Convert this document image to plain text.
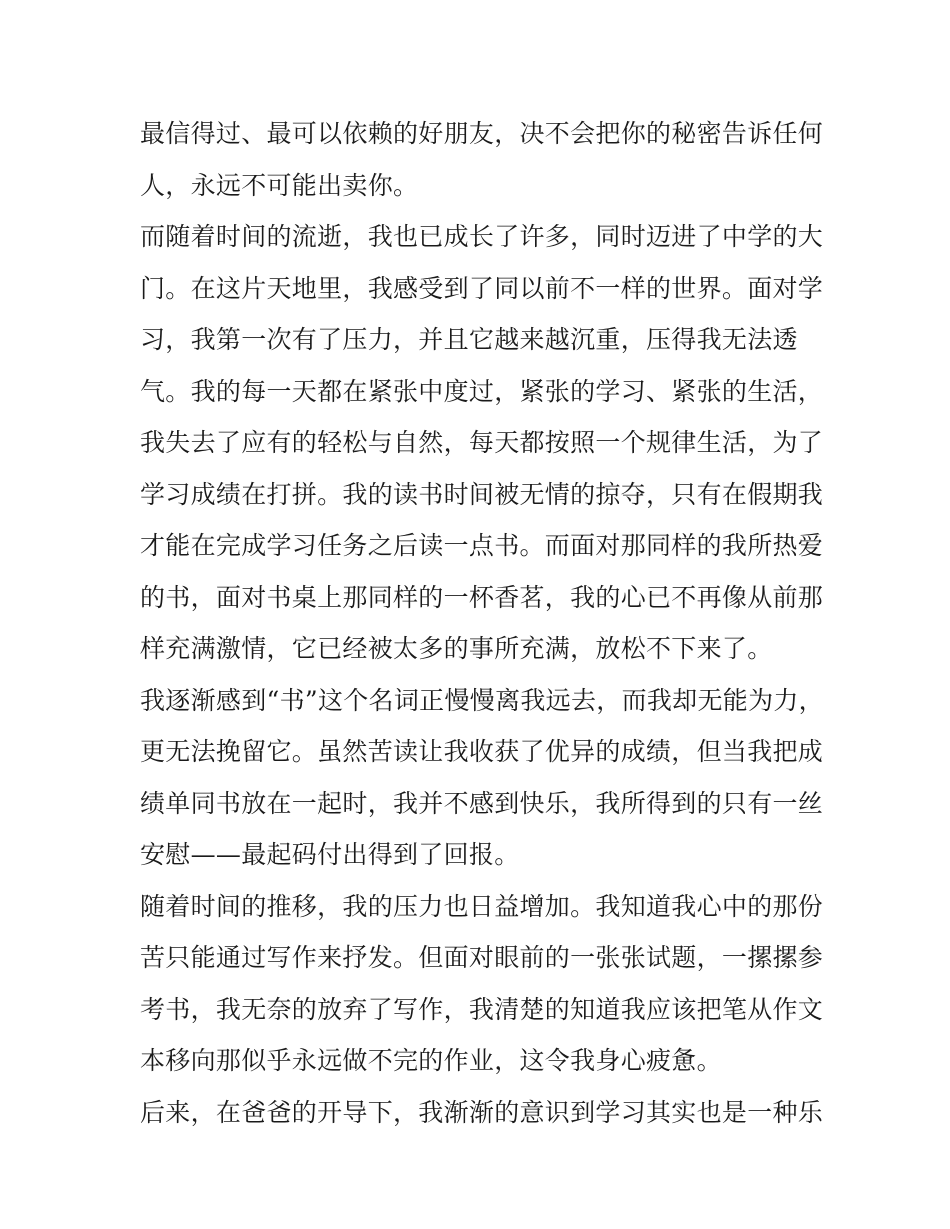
最信得过、最可以依赖的好朋友，决不会把你的秘密告诉任何
人，永远不可能出卖你。
而随着时间的流逝，我也已成长了许多，同时迈进了中学的大
门。在这片天地里，我感受到了同以前不一样的世界。面对学
习，我第一次有了压力，并且它越来越沉重，压得我无法透
气。我的每一天都在紧张中度过，紧张的学习、紧张的生活，
我失去了应有的轻松与自然，每天都按照一个规律生活，为了
学习成绩在打拼。我的读书时间被无情的掠夺，只有在假期我
才能在完成学习任务之后读一点书。而面对那同样的我所热爱
的书，面对书桌上那同样的一杯香茗，我的心已不再像从前那
样充满激情，它已经被太多的事所充满，放松不下来了。
我逐渐感到“书”这个名词正慢慢离我远去，而我却无能为力，
更无法挽留它。虽然苦读让我收获了优异的成绩，但当我把成
绩单同书放在一起时，我并不感到快乐，我所得到的只有一丝
安慰——最起码付出得到了回报。
随着时间的推移，我的压力也日益增加。我知道我心中的那份
苦只能通过写作来抒发。但面对眼前的一张张试题，一摞摞参
考书，我无奈的放弃了写作，我清楚的知道我应该把笔从作文
本移向那似乎永远做不完的作业，这令我身心疲惫。
后来，在爸爸的开导下，我渐渐的意识到学习其实也是一种乐
